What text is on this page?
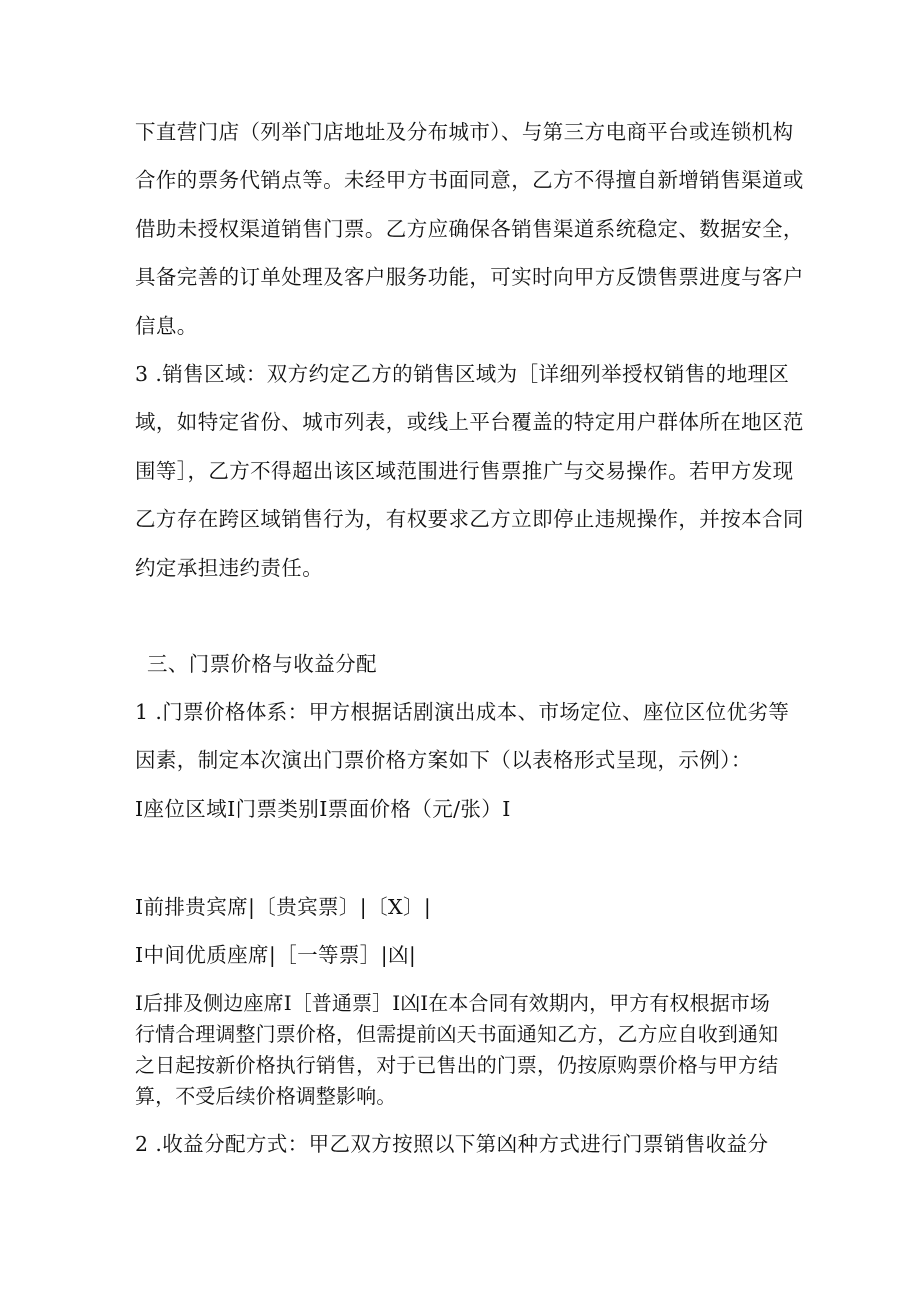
下直营门店（列举门店地址及分布城市）、与第三方电商平台或连锁机构
合作的票务代销点等。未经甲方书面同意，乙方不得擅自新增销售渠道或
借助未授权渠道销售门票。乙方应确保各销售渠道系统稳定、数据安全，
具备完善的订单处理及客户服务功能，可实时向甲方反馈售票进度与客户
信息。
3 .销售区域：双方约定乙方的销售区域为［详细列举授权销售的地理区
域，如特定省份、城市列表，或线上平台覆盖的特定用户群体所在地区范
围等］，乙方不得超出该区域范围进行售票推广与交易操作。若甲方发现
乙方存在跨区域销售行为，有权要求乙方立即停止违规操作，并按本合同
约定承担违约责任。
三、门票价格与收益分配
1 .门票价格体系：甲方根据话剧演出成本、市场定位、座位区位优劣等
因素，制定本次演出门票价格方案如下（以表格形式呈现，示例）：
I座位区域I门票类别I票面价格（元/张）I
I前排贵宾席|〔贵宾票〕|〔X〕|
I中间优质座席|［一等票］|凶|
I后排及侧边座席I［普通票］I凶I在本合同有效期内，甲方有权根据市场
行情合理调整门票价格，但需提前凶天书面通知乙方，乙方应自收到通知
之日起按新价格执行销售，对于已售出的门票，仍按原购票价格与甲方结
算，不受后续价格调整影响。
2 .收益分配方式：甲乙双方按照以下第凶种方式进行门票销售收益分
